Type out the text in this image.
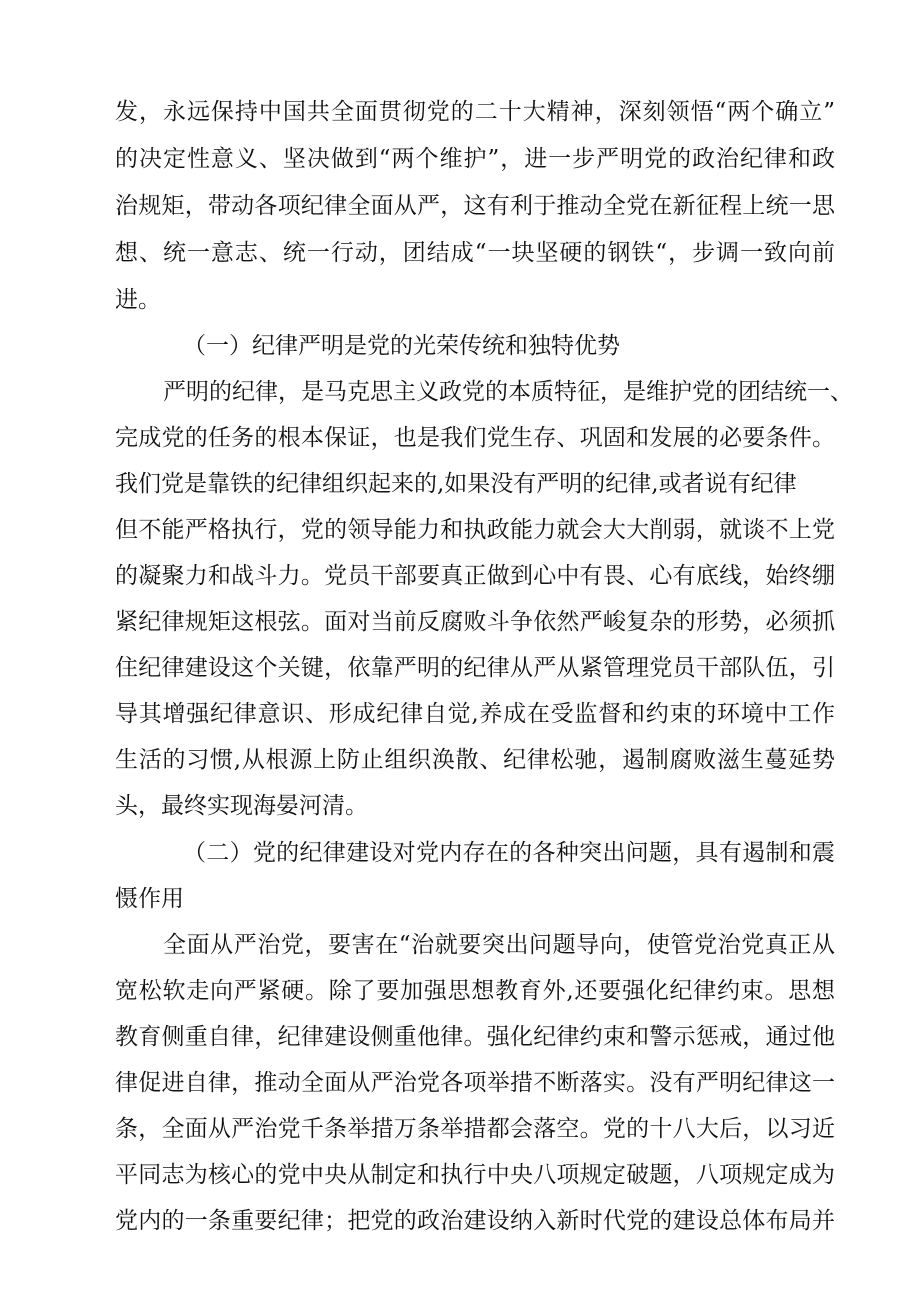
发，永远保持中国共全面贯彻党的二十大精神，深刻领悟“两个确立”
的决定性意义、坚决做到“两个维护”，进一步严明党的政治纪律和政
治规矩，带动各项纪律全面从严，这有利于推动全党在新征程上统一思
想、统一意志、统一行动，团结成“一块坚硬的钢铁“，步调一致向前
进。
（一）纪律严明是党的光荣传统和独特优势
严明的纪律，是马克思主义政党的本质特征，是维护党的团结统一、
完成党的任务的根本保证，也是我们党生存、巩固和发展的必要条件。
我们党是靠铁的纪律组织起来的,如果没有严明的纪律,或者说有纪律
但不能严格执行，党的领导能力和执政能力就会大大削弱，就谈不上党
的凝聚力和战斗力。党员干部要真正做到心中有畏、心有底线，始终绷
紧纪律规矩这根弦。面对当前反腐败斗争依然严峻复杂的形势，必须抓
住纪律建设这个关键，依靠严明的纪律从严从紧管理党员干部队伍，引
导其增强纪律意识、形成纪律自觉,养成在受监督和约束的环境中工作
生活的习惯,从根源上防止组织涣散、纪律松驰，遏制腐败滋生蔓延势
头，最终实现海晏河清。
（二）党的纪律建设对党内存在的各种突出问题，具有遏制和震
慑作用
全面从严治党，要害在“治就要突出问题导向，使管党治党真正从
宽松软走向严紧硬。除了要加强思想教育外,还要强化纪律约束。思想
教育侧重自律，纪律建设侧重他律。强化纪律约束和警示惩戒，通过他
律促进自律，推动全面从严治党各项举措不断落实。没有严明纪律这一
条，全面从严治党千条举措万条举措都会落空。党的十八大后，以习近
平同志为核心的党中央从制定和执行中央八项规定破题，八项规定成为
党内的一条重要纪律；把党的政治建设纳入新时代党的建设总体布局并
